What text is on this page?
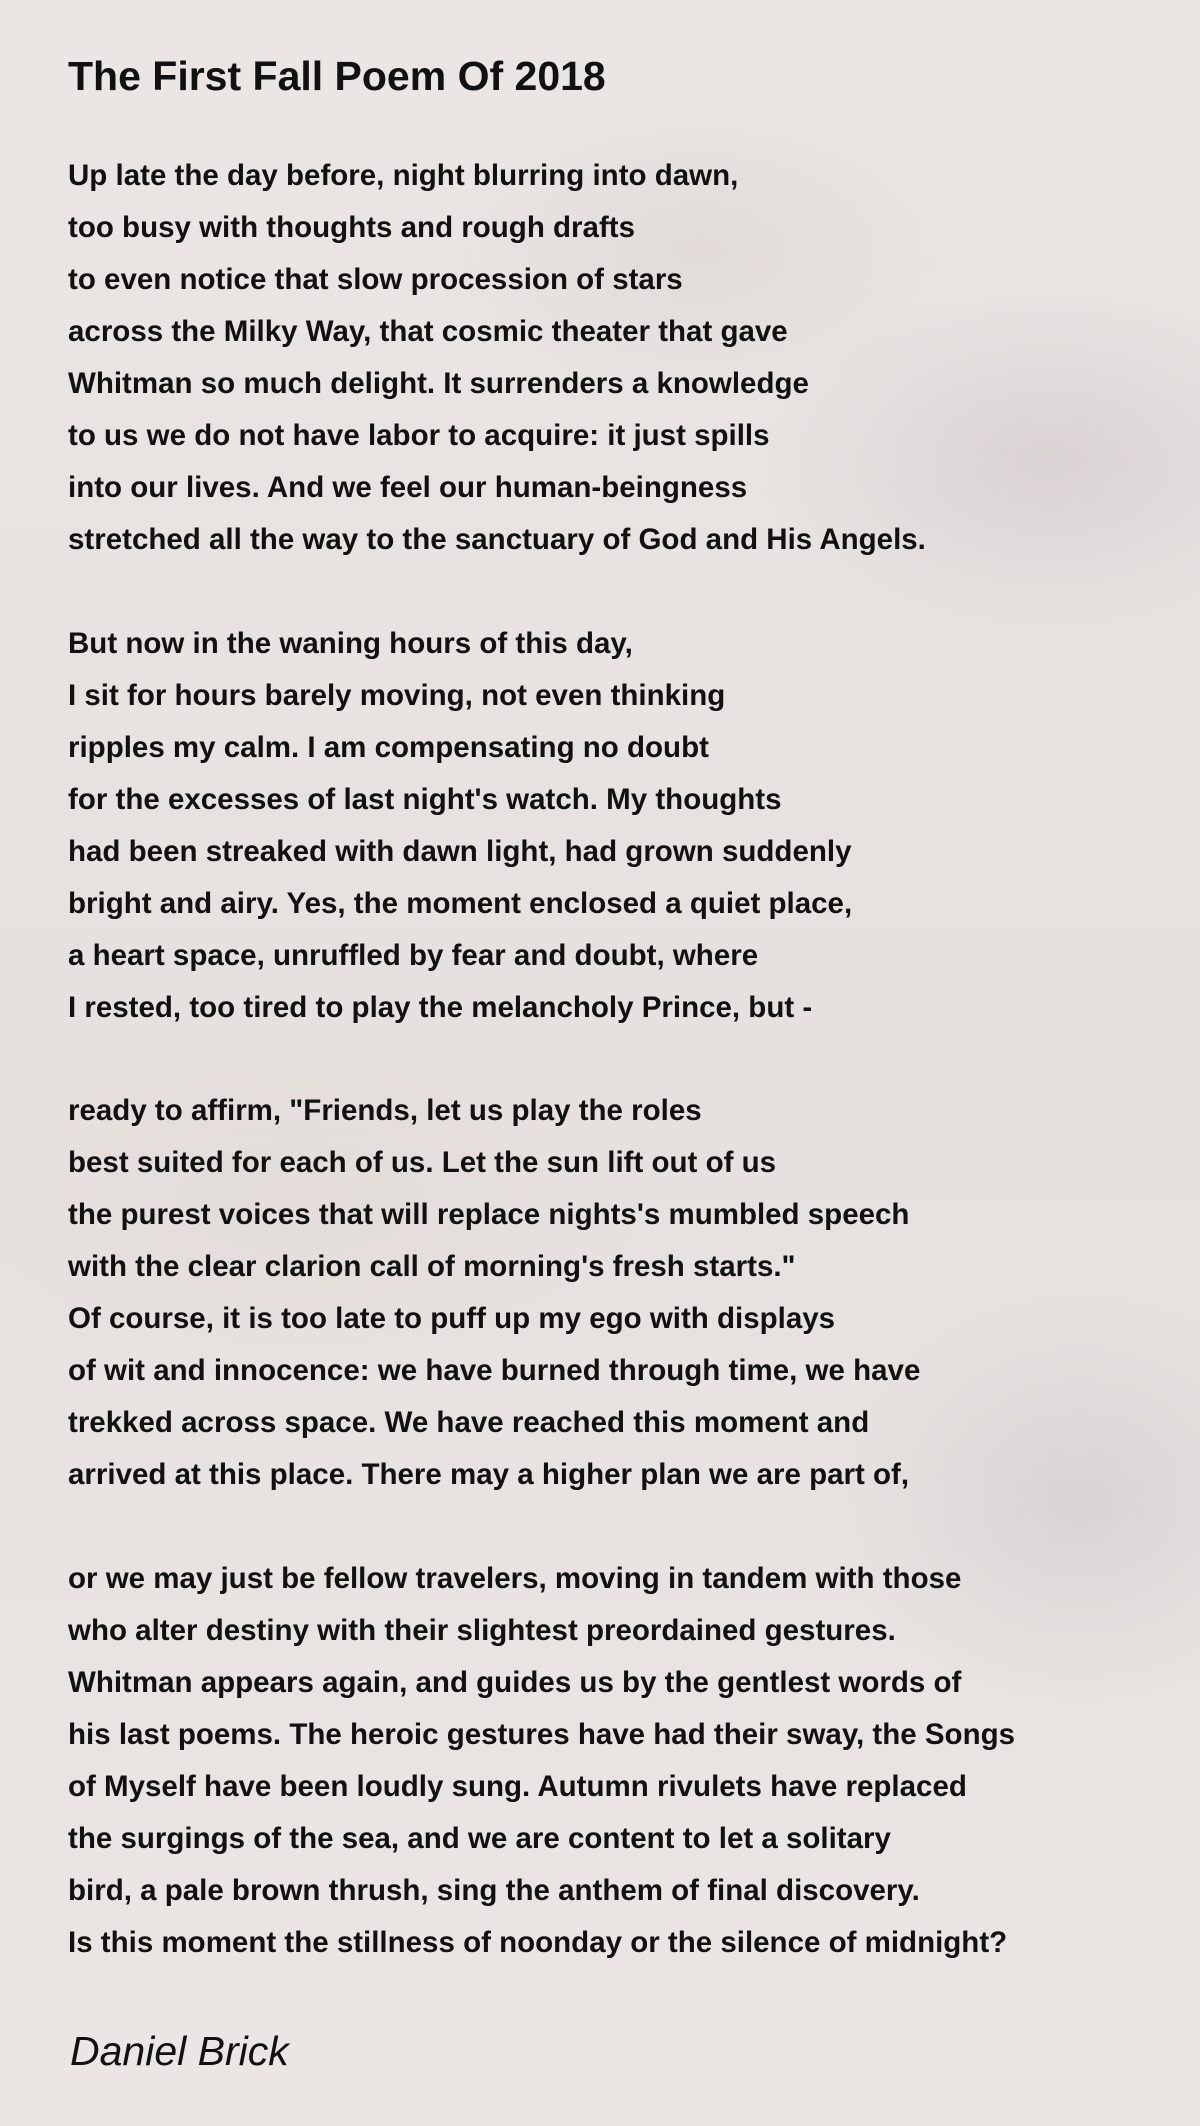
The First Fall Poem Of 2018
Up late the day before, night blurring into dawn,
too busy with thoughts and rough drafts
to even notice that slow procession of stars
across the Milky Way, that cosmic theater that gave
Whitman so much delight. It surrenders a knowledge
to us we do not have labor to acquire: it just spills
into our lives. And we feel our human-beingness
stretched all the way to the sanctuary of God and His Angels.
But now in the waning hours of this day,
I sit for hours barely moving, not even thinking
ripples my calm. I am compensating no doubt
for the excesses of last night's watch. My thoughts
had been streaked with dawn light, had grown suddenly
bright and airy. Yes, the moment enclosed a quiet place,
a heart space, unruffled by fear and doubt, where
I rested, too tired to play the melancholy Prince, but -
ready to affirm, "Friends, let us play the roles
best suited for each of us. Let the sun lift out of us
the purest voices that will replace nights's mumbled speech
with the clear clarion call of morning's fresh starts."
Of course, it is too late to puff up my ego with displays
of wit and innocence: we have burned through time, we have
trekked across space. We have reached this moment and
arrived at this place. There may a higher plan we are part of,
or we may just be fellow travelers, moving in tandem with those
who alter destiny with their slightest preordained gestures.
Whitman appears again, and guides us by the gentlest words of
his last poems. The heroic gestures have had their sway, the Songs
of Myself have been loudly sung. Autumn rivulets have replaced
the surgings of the sea, and we are content to let a solitary
bird, a pale brown thrush, sing the anthem of final discovery.
Is this moment the stillness of noonday or the silence of midnight?
Daniel Brick
